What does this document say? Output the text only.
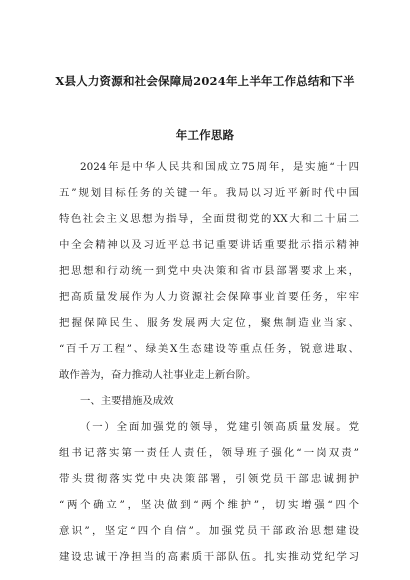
X县人力资源和社会保障局2024年上半年工作总结和下半
年工作思路
2024年是中华人民共和国成立75周年，是实施“十四
五”规划目标任务的关键一年。我局以习近平新时代中国
特色社会主义思想为指导，全面贯彻党的XX大和二十届二
中全会精神以及习近平总书记重要讲话重要批示指示精神
把思想和行动统一到党中央决策和省市县部署要求上来，
把高质量发展作为人力资源社会保障事业首要任务，牢牢
把握保障民生、服务发展两大定位，聚焦制造业当家、
“百千万工程”、绿美X生态建设等重点任务，锐意进取、
敢作善为，奋力推动人社事业走上新台阶。
一、主要措施及成效
（一）全面加强党的领导，党建引领高质量发展。党
组书记落实第一责任人责任，领导班子强化“一岗双责”
带头贯彻落实党中央决策部署，引领党员干部忠诚拥护
“两个确立”，坚决做到“两个维护”，切实增强“四个
意识”，坚定“四个自信”。加强党员干部政治思想建设
建设忠诚干净担当的高素质干部队伍。扎实推动党纪学习
